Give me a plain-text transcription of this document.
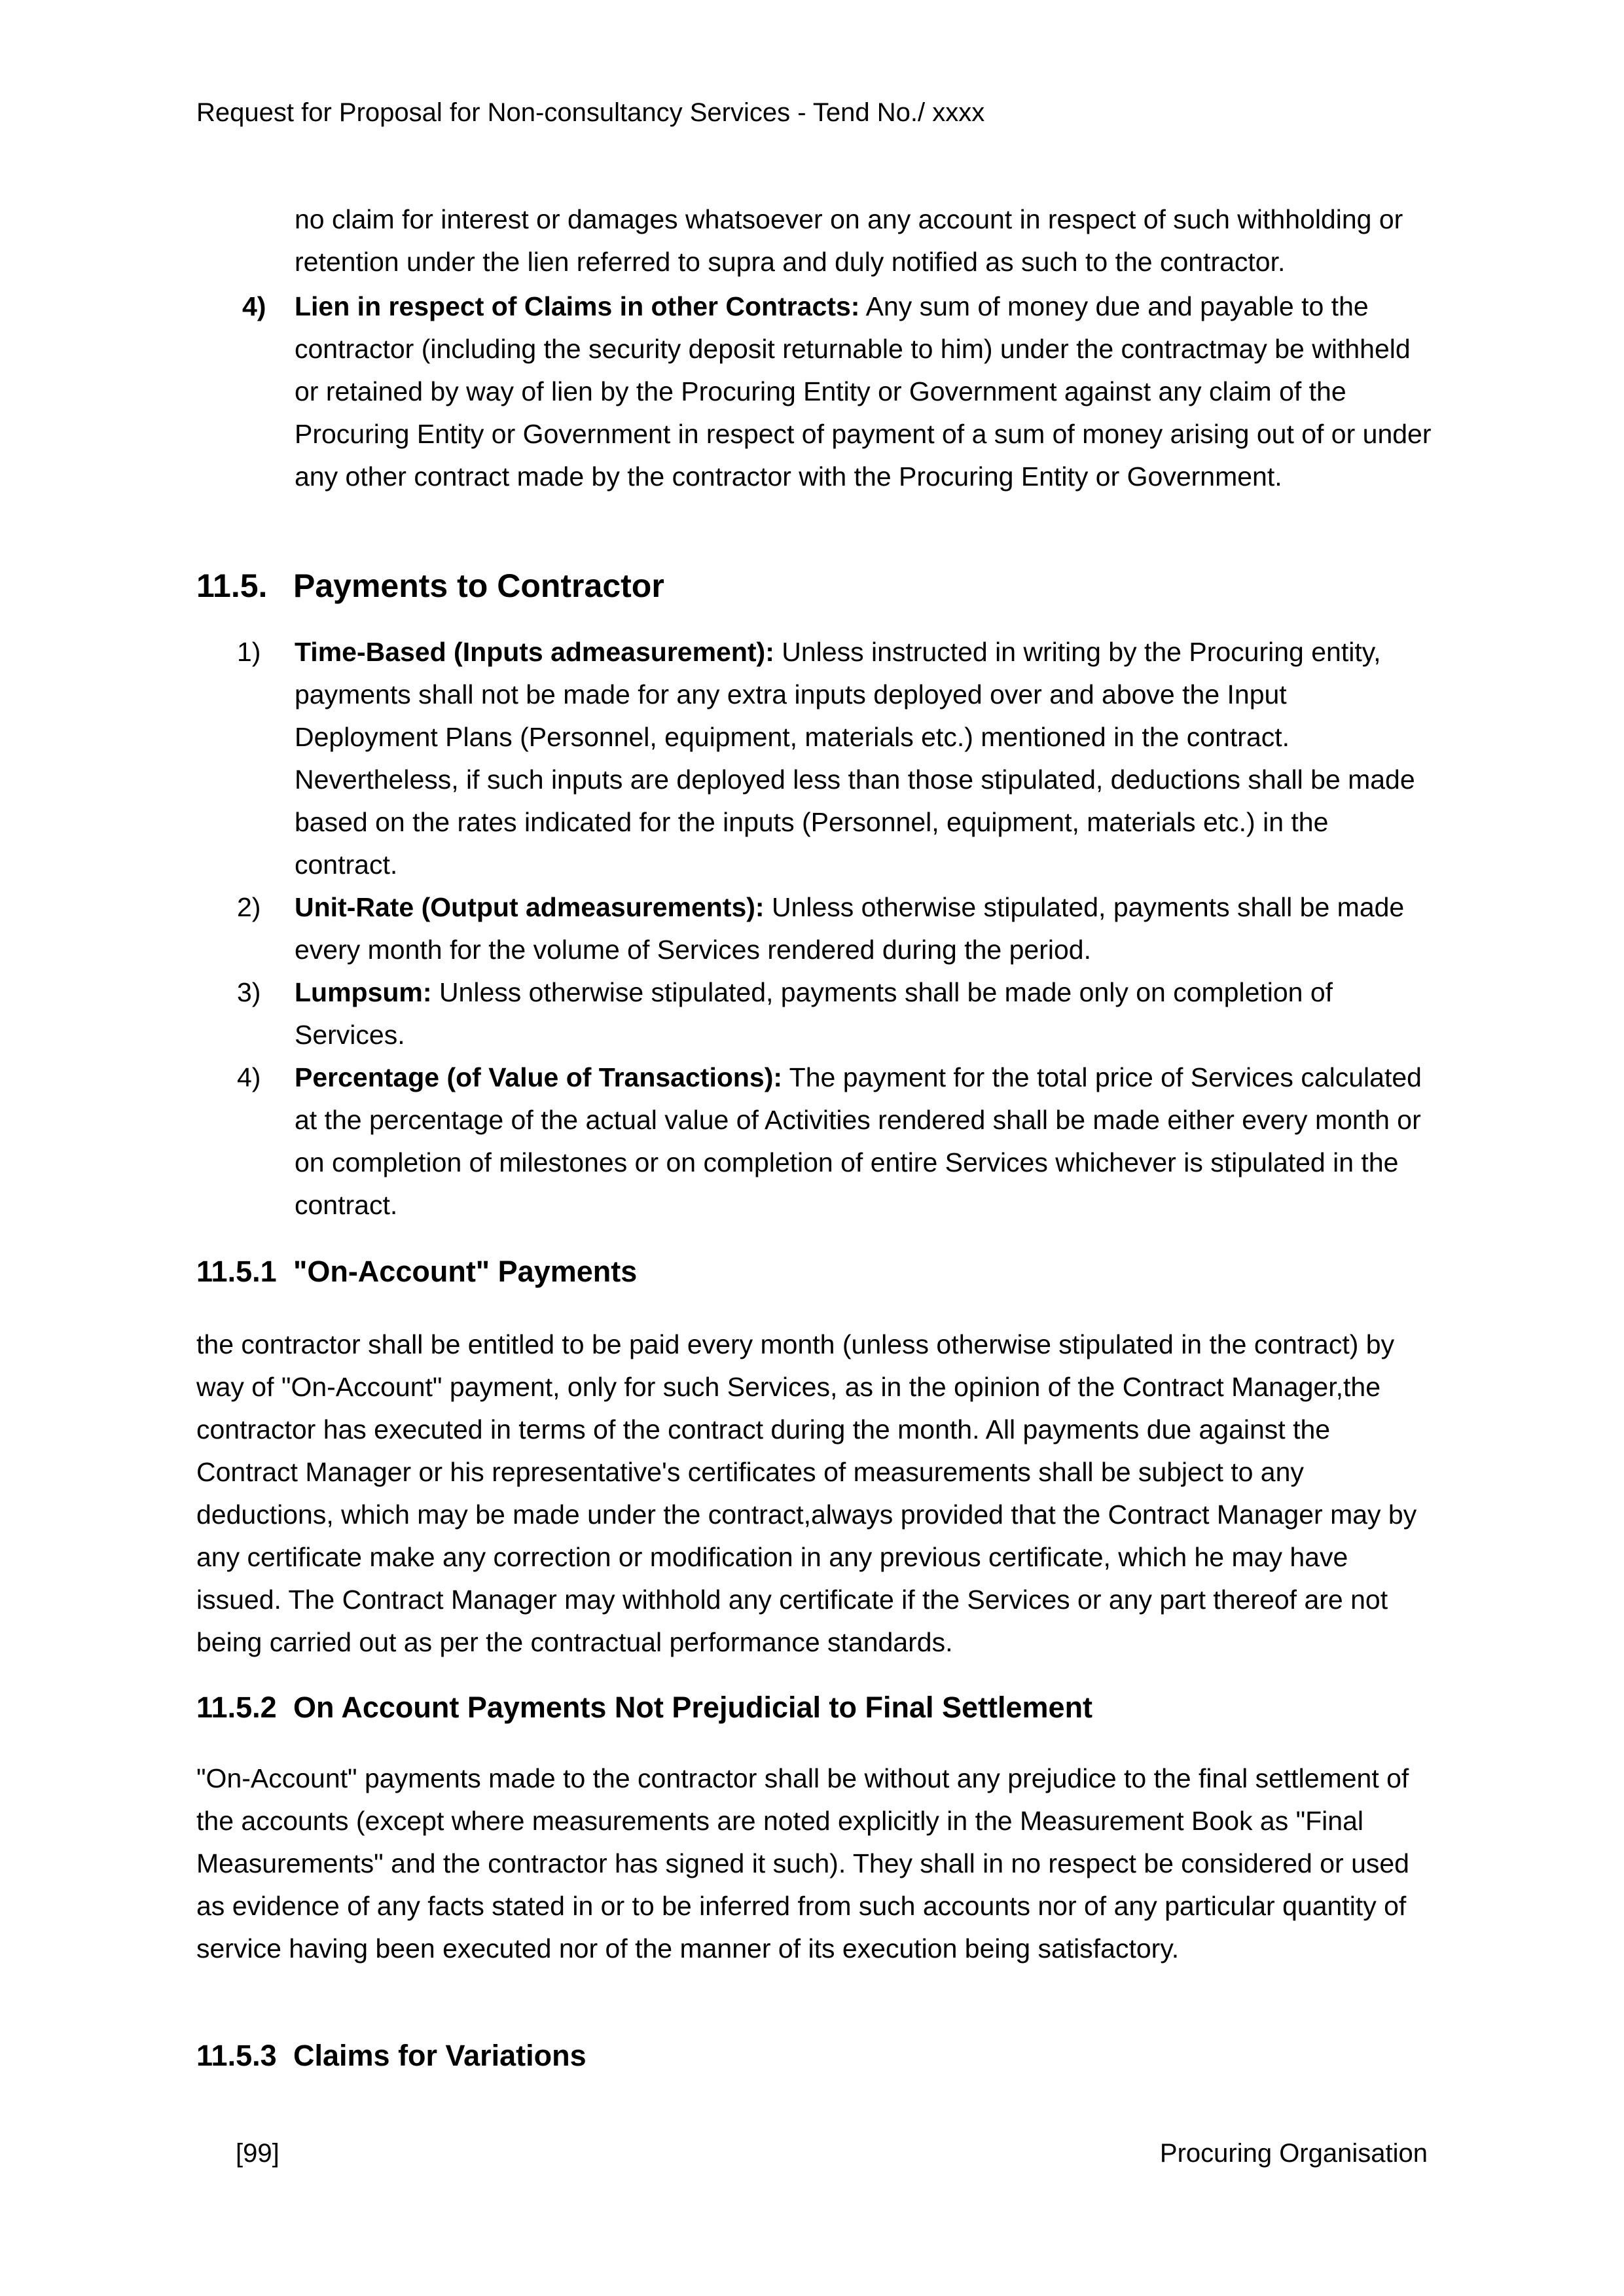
Request for Proposal for Non-consultancy Services - Tend No./ xxxx
no claim for interest or damages whatsoever on any account in respect of such withholding or retention under the lien referred to supra and duly notified as such to the contractor.
4) Lien in respect of Claims in other Contracts: Any sum of money due and payable to the contractor (including the security deposit returnable to him) under the contractmay be withheld or retained by way of lien by the Procuring Entity or Government against any claim of the Procuring Entity or Government in respect of payment of a sum of money arising out of or under any other contract made by the contractor with the Procuring Entity or Government.
11.5. Payments to Contractor
1) Time-Based (Inputs admeasurement): Unless instructed in writing by the Procuring entity, payments shall not be made for any extra inputs deployed over and above the Input Deployment Plans (Personnel, equipment, materials etc.) mentioned in the contract. Nevertheless, if such inputs are deployed less than those stipulated, deductions shall be made based on the rates indicated for the inputs (Personnel, equipment, materials etc.) in the contract.
2) Unit-Rate (Output admeasurements): Unless otherwise stipulated, payments shall be made every month for the volume of Services rendered during the period.
3) Lumpsum: Unless otherwise stipulated, payments shall be made only on completion of Services.
4) Percentage (of Value of Transactions): The payment for the total price of Services calculated at the percentage of the actual value of Activities rendered shall be made either every month or on completion of milestones or on completion of entire Services whichever is stipulated in the contract.
11.5.1 "On-Account" Payments
the contractor shall be entitled to be paid every month (unless otherwise stipulated in the contract) by way of "On-Account" payment, only for such Services, as in the opinion of the Contract Manager,the contractor has executed in terms of the contract during the month. All payments due against the Contract Manager or his representative's certificates of measurements shall be subject to any deductions, which may be made under the contract,always provided that the Contract Manager may by any certificate make any correction or modification in any previous certificate, which he may have issued. The Contract Manager may withhold any certificate if the Services or any part thereof are not being carried out as per the contractual performance standards.
11.5.2 On Account Payments Not Prejudicial to Final Settlement
"On-Account" payments made to the contractor shall be without any prejudice to the final settlement of the accounts (except where measurements are noted explicitly in the Measurement Book as "Final Measurements" and the contractor has signed it such). They shall in no respect be considered or used as evidence of any facts stated in or to be inferred from such accounts nor of any particular quantity of service having been executed nor of the manner of its execution being satisfactory.
11.5.3 Claims for Variations
[99]	Procuring Organisation
